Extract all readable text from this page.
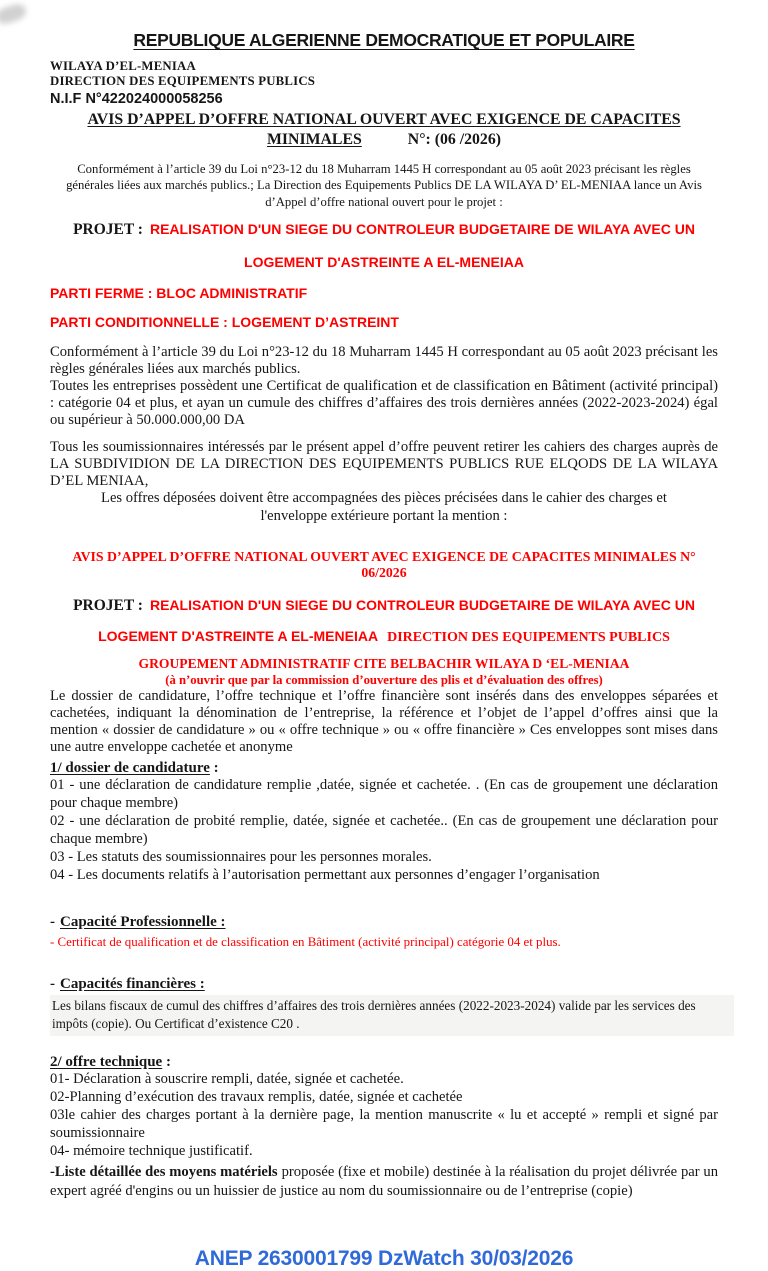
REPUBLIQUE ALGERIENNE DEMOCRATIQUE ET POPULAIRE
WILAYA D’EL-MENIAA
DIRECTION DES EQUIPEMENTS PUBLICS
N.I.F N°422024000058256
AVIS D’APPEL D’OFFRE NATIONAL OUVERT AVEC EXIGENCE DE CAPACITES
MINIMALES	N°: (06 /2026)
Conformément à l’article 39 du Loi n°23-12 du 18 Muharram 1445 H correspondant au 05 août 2023 précisant les règles générales liées aux marchés publics.; La Direction des Equipements Publics DE LA WILAYA D’ EL-MENIAA lance un Avis d’Appel d’offre national ouvert pour le projet :
PROJET : REALISATION D'UN SIEGE DU CONTROLEUR BUDGETAIRE DE WILAYA AVEC UN
LOGEMENT D'ASTREINTE A EL-MENEIAA
PARTI FERME : BLOC ADMINISTRATIF
PARTI CONDITIONNELLE : LOGEMENT D’ASTREINT
Conformément à l’article 39 du Loi n°23-12 du 18 Muharram 1445 H correspondant au 05 août 2023 précisant les règles générales liées aux marchés publics.
Toutes les entreprises possèdent une Certificat de qualification et de classification en Bâtiment (activité principal) : catégorie 04 et plus, et ayan un cumule des chiffres d’affaires des trois dernières années (2022-2023-2024) égal ou supérieur à 50.000.000,00 DA
Tous les soumissionnaires intéressés par le présent appel d’offre peuvent retirer les cahiers des charges auprès de LA SUBDIVIDION DE LA DIRECTION DES EQUIPEMENTS PUBLICS RUE ELQODS DE LA WILAYA D’EL MENIAA,
Les offres déposées doivent être accompagnées des pièces précisées dans le cahier des charges et
l'enveloppe extérieure portant la mention :
AVIS D’APPEL D’OFFRE NATIONAL OUVERT AVEC EXIGENCE DE CAPACITES MINIMALES N° 06/2026
PROJET : REALISATION D'UN SIEGE DU CONTROLEUR BUDGETAIRE DE WILAYA AVEC UN
LOGEMENT D'ASTREINTE A EL-MENEIAA DIRECTION DES EQUIPEMENTS PUBLICS
GROUPEMENT ADMINISTRATIF CITE BELBACHIR WILAYA D ‘EL-MENIAA
(à n’ouvrir que par la commission d’ouverture des plis et d’évaluation des offres)
Le dossier de candidature, l’offre technique et l’offre financière sont insérés dans des enveloppes séparées et cachetées, indiquant la dénomination de l’entreprise, la référence et l’objet de l’appel d’offres ainsi que la mention « dossier de candidature » ou « offre technique » ou « offre financière » Ces enveloppes sont mises dans une autre enveloppe cachetée et anonyme
1/ dossier de candidature :
01 - une déclaration de candidature remplie ,datée, signée et cachetée. . (En cas de groupement une déclaration pour chaque membre)
02 - une déclaration de probité remplie, datée, signée et cachetée.. (En cas de groupement une déclaration pour chaque membre)
03 - Les statuts des soumissionnaires pour les personnes morales.
04 - Les documents relatifs à l’autorisation permettant aux personnes d’engager l’organisation
- Capacité Professionnelle :
- Certificat de qualification et de classification en Bâtiment (activité principal) catégorie 04 et plus.
- Capacités financières :
Les bilans fiscaux de cumul des chiffres d’affaires des trois dernières années (2022-2023-2024) valide par les services des impôts (copie). Ou Certificat d’existence C20 .
2/ offre technique :
01- Déclaration à souscrire rempli, datée, signée et cachetée.
02-Planning d’exécution des travaux remplis, datée, signée et cachetée
03le cahier des charges portant à la dernière page, la mention manuscrite « lu et accepté » rempli et signé par soumissionnaire
04- mémoire technique justificatif.
-Liste détaillée des moyens matériels proposée (fixe et mobile) destinée à la réalisation du projet délivrée par un expert agréé d'engins ou un huissier de justice au nom du soumissionnaire ou de l’entreprise (copie)
ANEP 2630001799 DzWatch 30/03/2026
